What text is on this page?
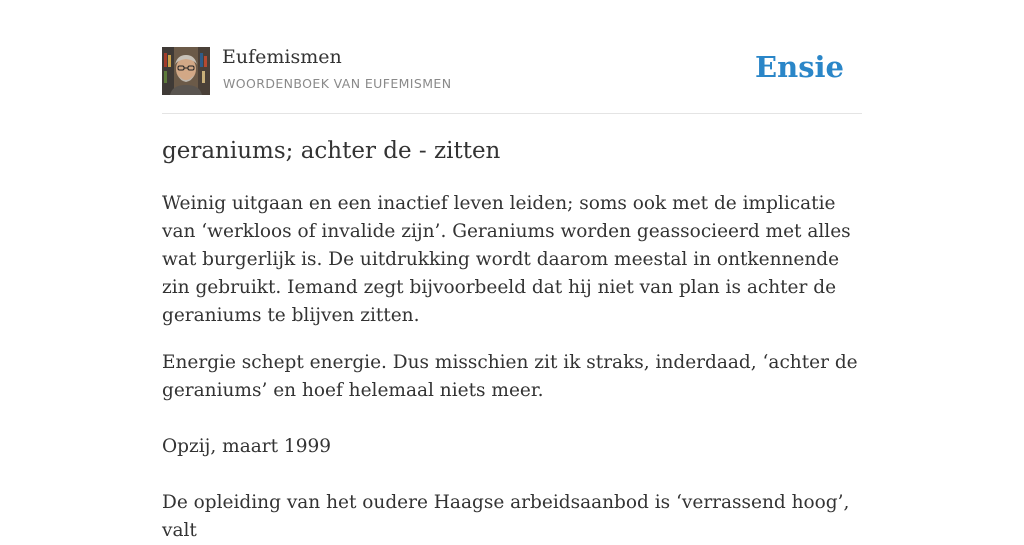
Eufemismen
WOORDENBOEK VAN EUFEMISMEN	Ensie
geraniums; achter de - zitten

Weinig uitgaan en een inactief leven leiden; soms ook met de implicatie van ‘werkloos of invalide zijn’. Geraniums worden geassocieerd met alles wat burgerlijk is. De uitdrukking wordt daarom meestal in ontkennende zin gebruikt. Iemand zegt bijvoorbeeld dat hij niet van plan is achter de geraniums te blijven zitten.

Energie schept energie. Dus misschien zit ik straks, inderdaad, ‘achter de geraniums’ en hoef helemaal niets meer.

Opzij, maart 1999

De opleiding van het oudere Haagse arbeidsaanbod is ‘verrassend hoog’, valt
